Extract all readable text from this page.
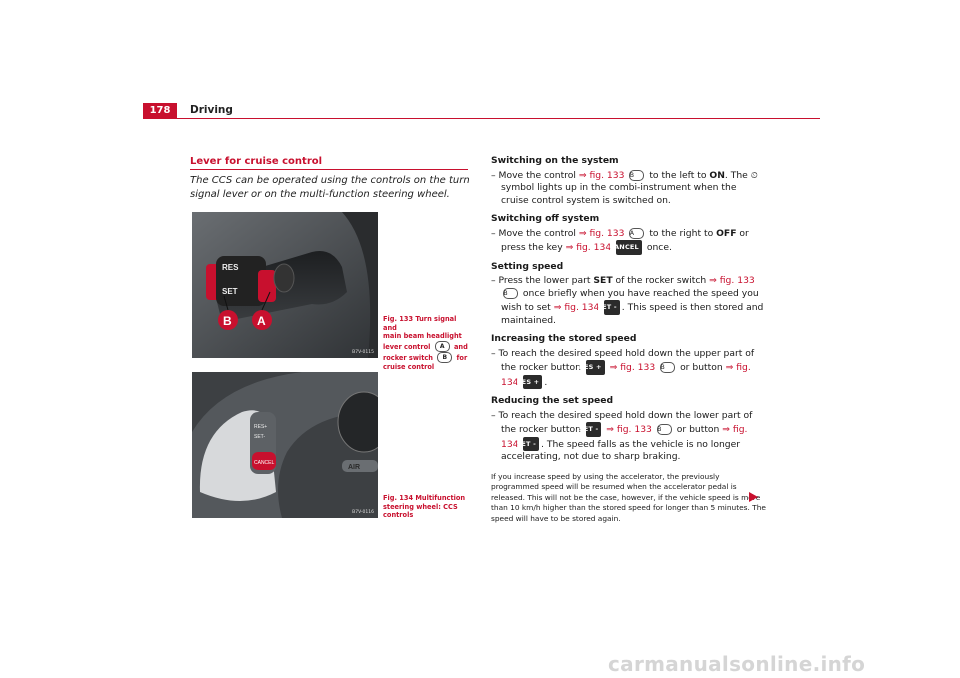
178	Driving
Lever for cruise control
The CCS can be operated using the controls on the turn signal lever or on the multi-function steering wheel.
RES
SET
B A
B7V-0115
Fig. 133 Turn signal and
main beam headlight
lever control A and
rocker switch B for
cruise control
RES+
SET-
CANCEL
AIR
B7V-0116
Fig. 134 Multifunction
steering wheel: CCS
controls
Switching on the system
– Move the control ⇒ fig. 133 B to the left to ON. The ⏲ symbol lights up in the combi-instrument when the cruise control system is switched on.
Switching off system
– Move the control ⇒ fig. 133 A to the right to OFF or press the key ⇒ fig. 134 CANCEL once.
Setting speed
– Press the lower part SET of the rocker switch ⇒ fig. 133 B once briefly when you have reached the speed you wish to set ⇒ fig. 134 SET - . This speed is then stored and maintained.
Increasing the stored speed
– To reach the desired speed hold down the upper part of the rocker button RES + ⇒ fig. 133 B or button ⇒ fig. 134 RES + .
Reducing the set speed
– To reach the desired speed hold down the lower part of the rocker button SET - ⇒ fig. 133 B or button ⇒ fig. 134 SET - . The speed falls as the vehicle is no longer accelerating, not due to sharp braking.
If you increase speed by using the accelerator, the previously programmed speed will be resumed when the accelerator pedal is released. This will not be the case, however, if the vehicle speed is more than 10 km/h higher than the stored speed for longer than 5 minutes. The speed will have to be stored again.
carmanualsonline.info
